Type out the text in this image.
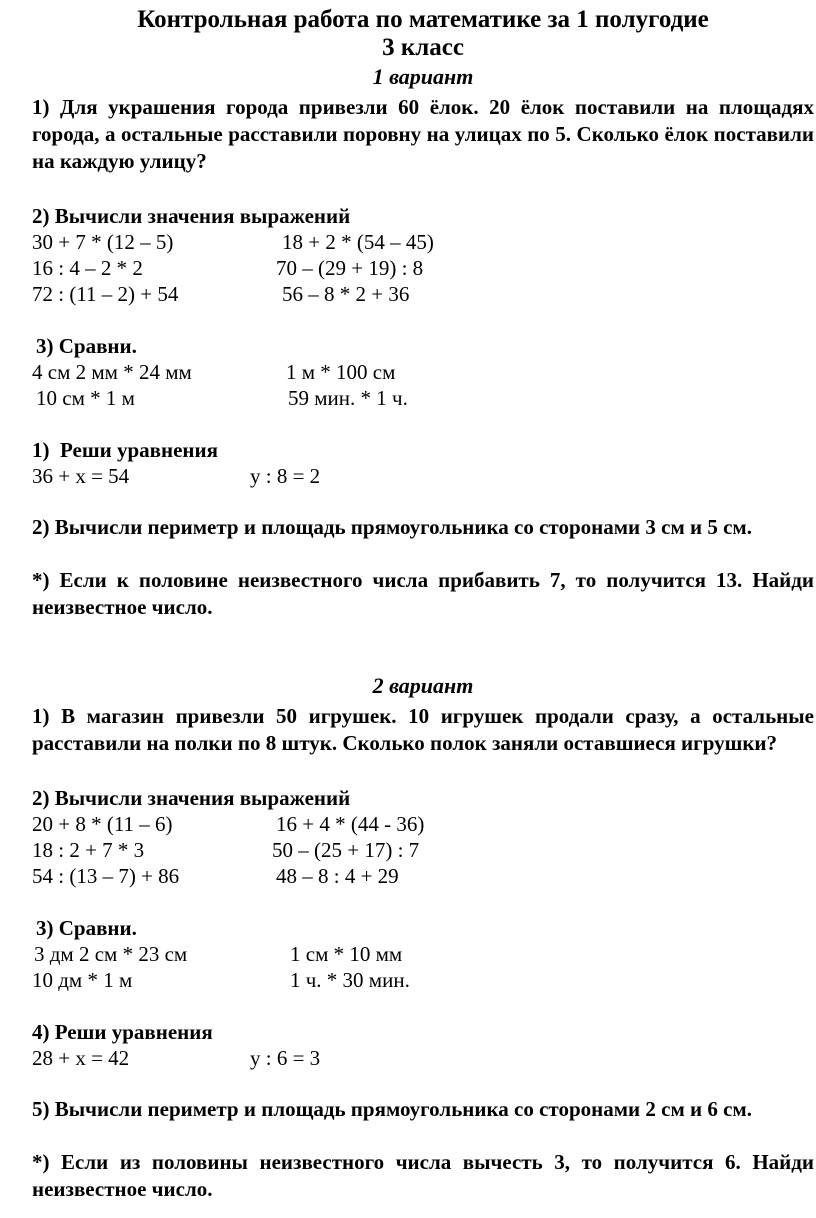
Контрольная работа по математике за 1 полугодие
3 класс
1 вариант
1) Для украшения города привезли 60 ёлок. 20 ёлок поставили на площадях города, а остальные расставили поровну на улицах по 5. Сколько ёлок поставили на каждую улицу?
2) Вычисли значения выражений
30 + 7 * (12 – 5)	18 + 2 * (54 – 45)
16 : 4 – 2 * 2	70 – (29 + 19) : 8
72 : (11 – 2) + 54	56 – 8 * 2 + 36
3) Сравни.
4 см 2 мм * 24 мм	1 м * 100 см
10 см * 1 м	59 мин. * 1 ч.
1)  Реши уравнения
36 + х = 54	у : 8 = 2
2) Вычисли периметр и площадь прямоугольника со сторонами 3 см и 5 см.
*) Если к половине неизвестного числа прибавить 7, то получится 13. Найди неизвестное число.
2 вариант
1) В магазин привезли 50 игрушек. 10 игрушек продали сразу, а остальные расставили на полки по 8 штук. Сколько полок заняли оставшиеся игрушки?
2) Вычисли значения выражений
20 + 8 * (11 – 6)	16 + 4 * (44 - 36)
18 : 2 + 7 * 3	50 – (25 + 17) : 7
54 : (13 – 7) + 86	48 – 8 : 4 + 29
3) Сравни.
3 дм 2 см * 23 см	1 см * 10 мм
10 дм * 1 м	1 ч. * 30 мин.
4) Реши уравнения
28 + х = 42	у : 6 = 3
5) Вычисли периметр и площадь прямоугольника со сторонами 2 см и 6 см.
*) Если из половины неизвестного числа вычесть 3, то получится 6. Найди неизвестное число.
